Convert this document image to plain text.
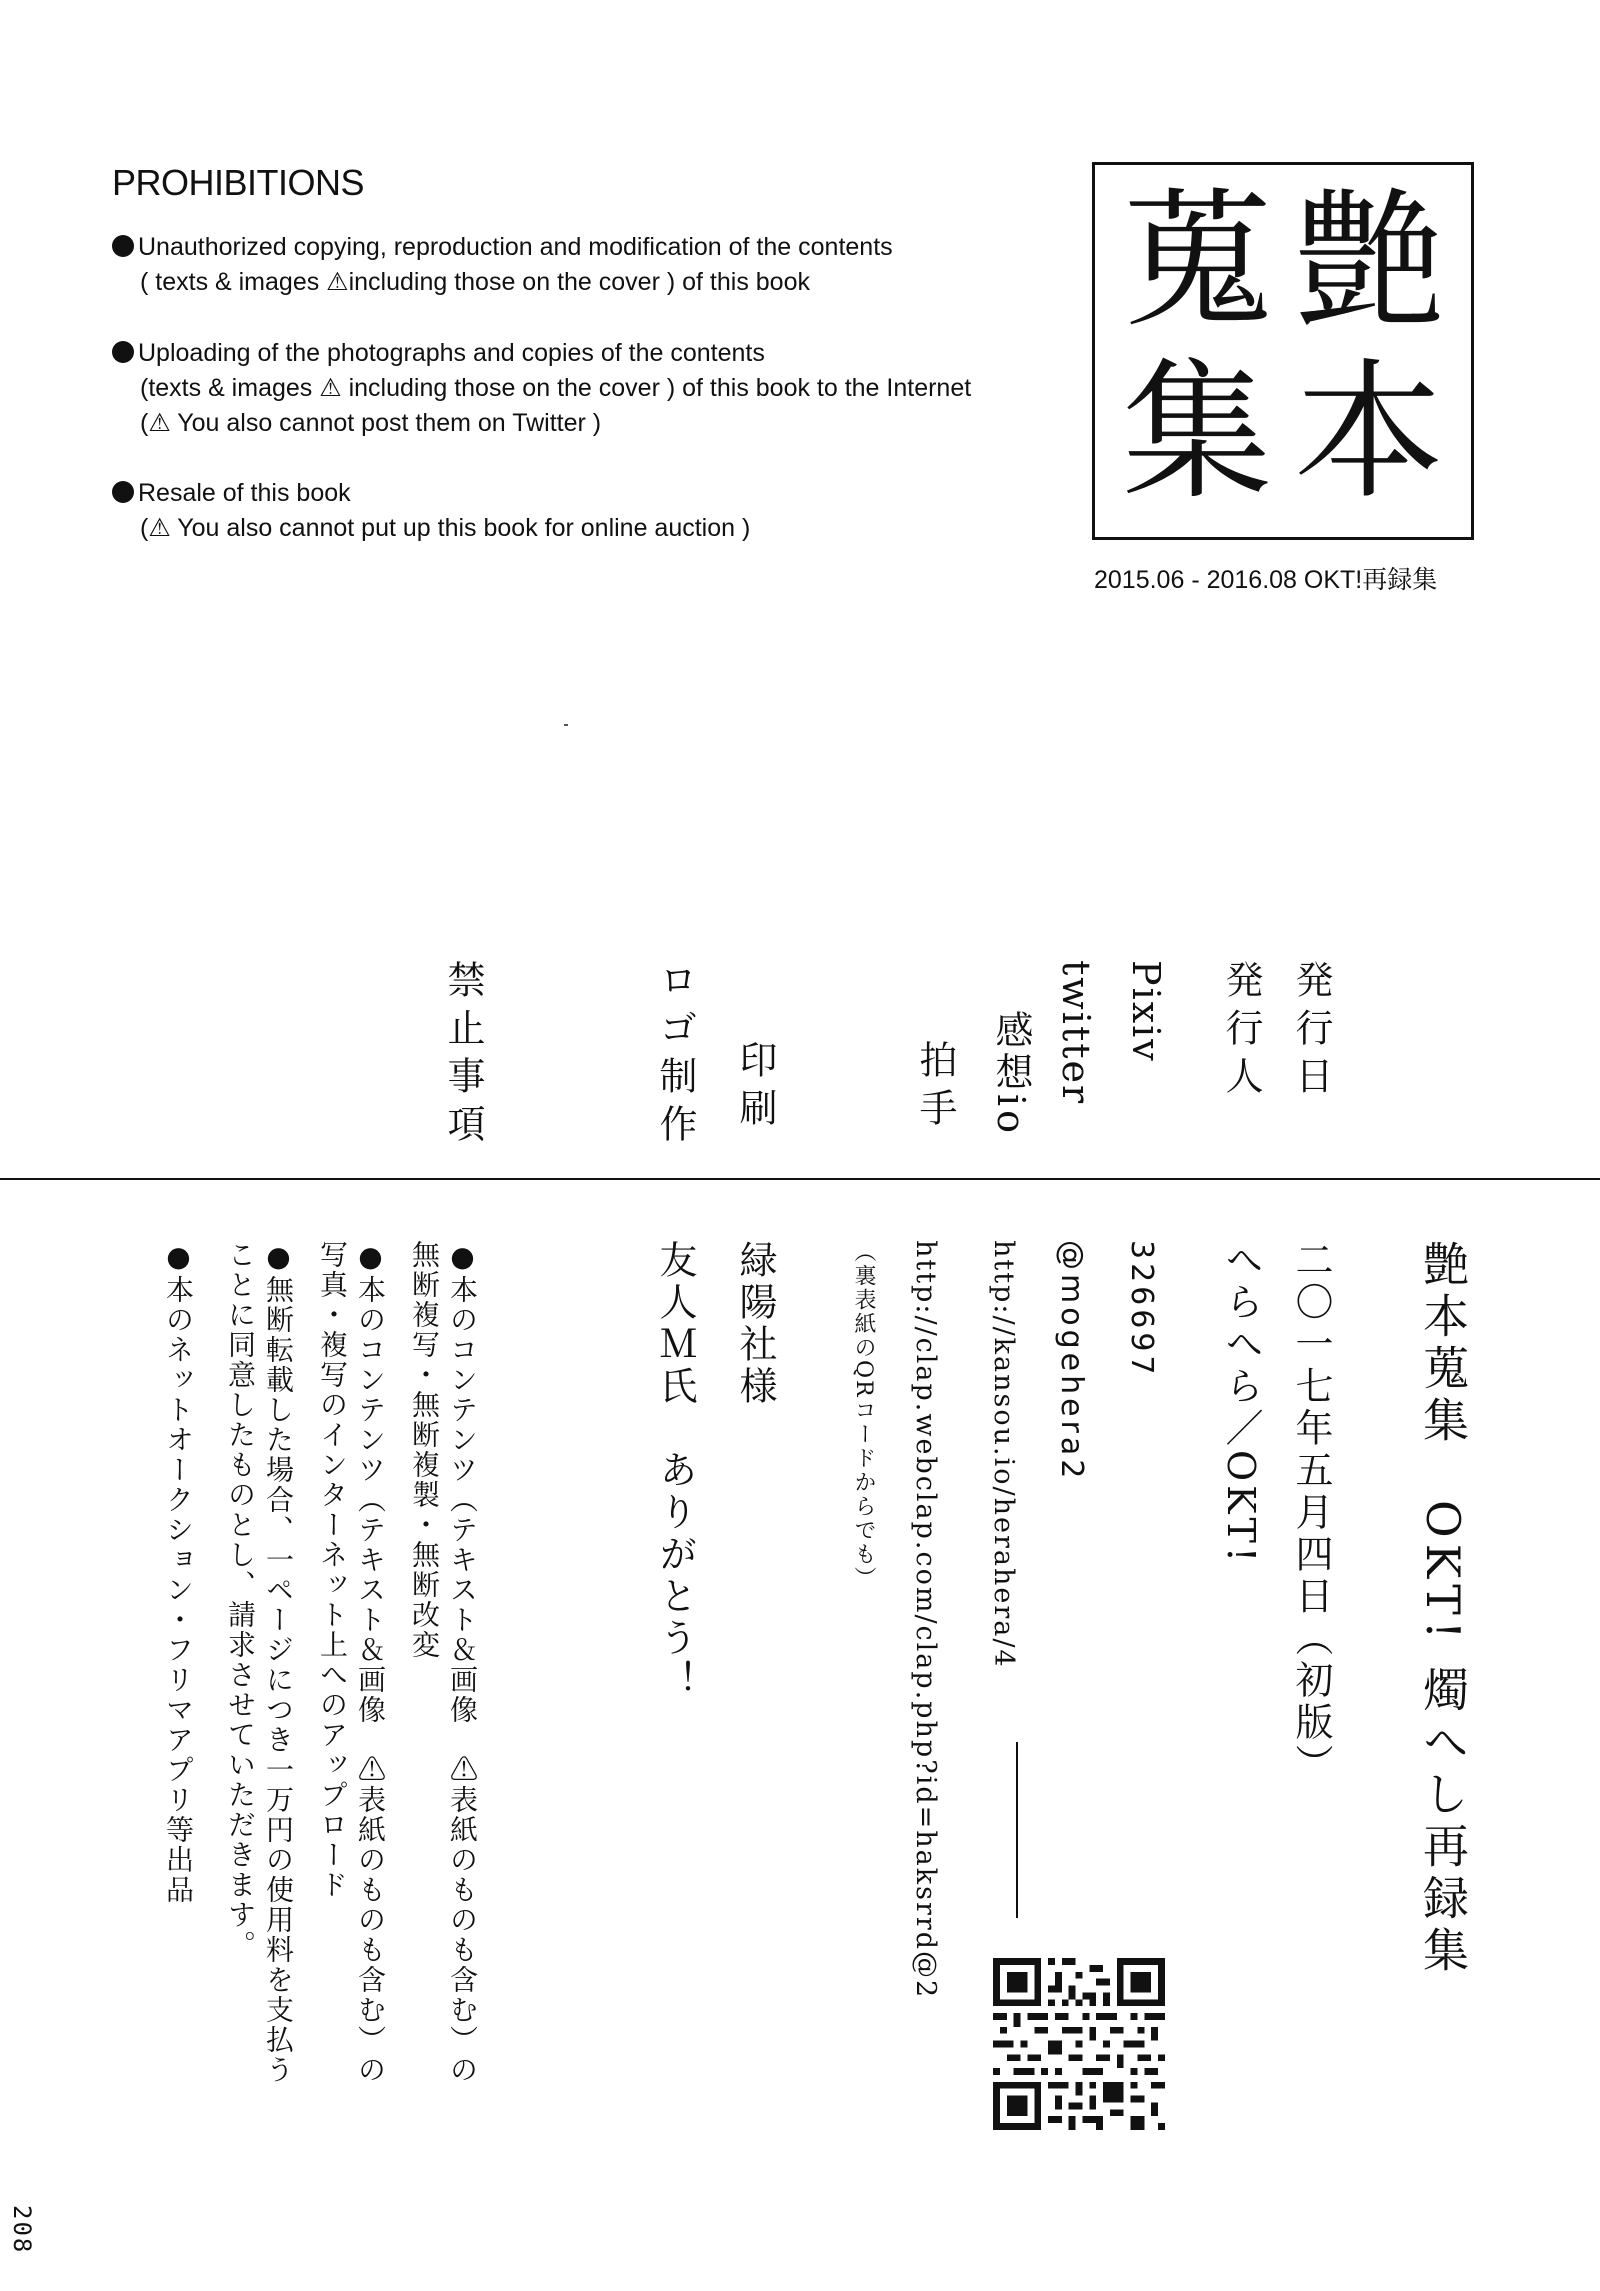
PROHIBITIONS
Unauthorized copying, reproduction and modification of the contents
( texts & images ⚠including those on the cover ) of this book
Uploading of the photographs and copies of the contents
(texts & images ⚠ including those on the cover ) of this book to the Internet
(⚠ You also cannot post them on Twitter )
Resale of this book
(⚠ You also cannot put up this book for online auction )
艶
本
蒐
集
2015.06 - 2016.08 OKT!再録集
発行日
発行人
Pixiv
twitter
感想io
拍手
印刷
ロゴ制作
禁止事項
艶本蒐集　OKT! 燭へし再録集
二〇一七年五月四日（初版）
へらへら／OKT!
326697
@mogehera2
http://kansou.io/herahera/4
http://clap.webclap.com/clap.php?id=haksrrd@2
（裏表紙のQRコードからでも）
緑陽社様
友人Ｍ氏　ありがとう！
●本のコンテンツ（テキスト＆画像　⚠表紙のものも含む）の
無断複写・無断複製・無断改変
●本のコンテンツ（テキスト＆画像　⚠表紙のものも含む）の
写真・複写のインターネット上へのアップロード
●無断転載した場合、一ページにつき一万円の使用料を支払う
ことに同意したものとし、請求させていただきます。
●本のネットオークション・フリマアプリ等出品
208
